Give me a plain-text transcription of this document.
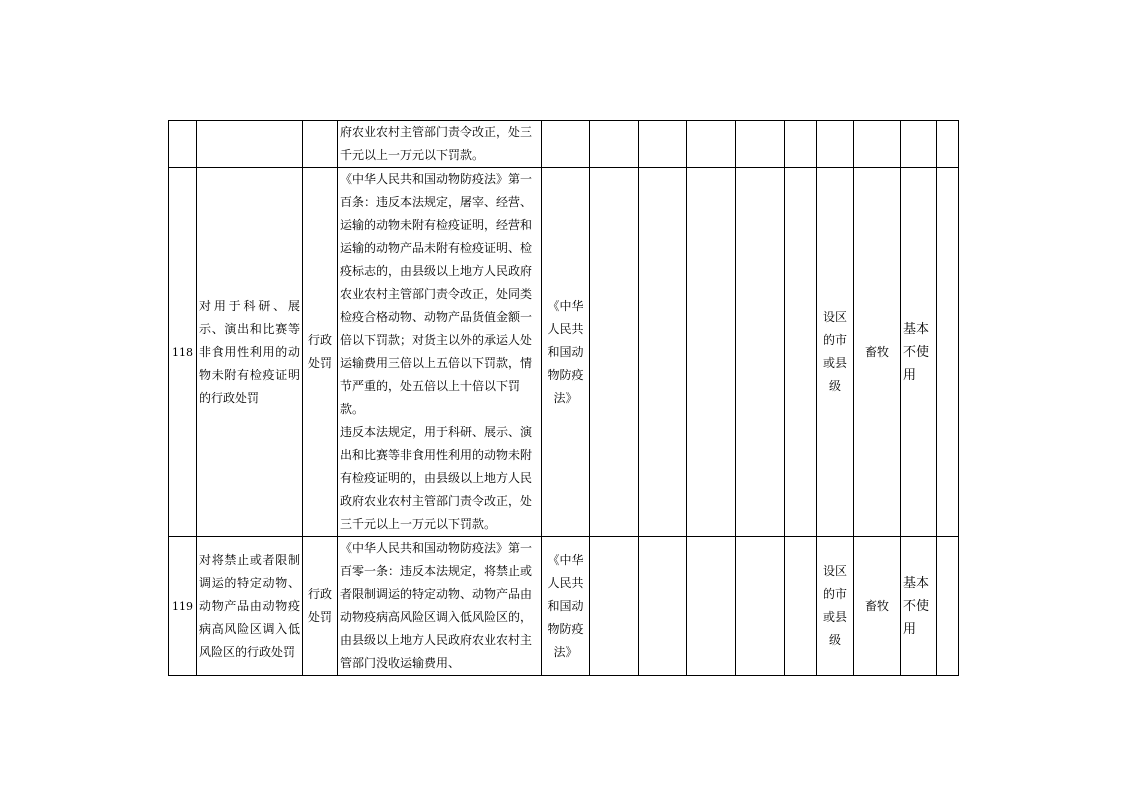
			府农业农村主管部门责令改正，处三千元以上一万元以下罚款。										

118	对用于科研、展示、演出和比赛等非食用性利用的动物未附有检疫证明的行政处罚	行政处罚	《中华人民共和国动物防疫法》第一百条：违反本法规定，屠宰、经营、运输的动物未附有检疫证明，经营和运输的动物产品未附有检疫证明、检疫标志的，由县级以上地方人民政府农业农村主管部门责令改正，处同类检疫合格动物、动物产品货值金额一倍以下罚款；对货主以外的承运人处运输费用三倍以上五倍以下罚款，情节严重的，处五倍以上十倍以下罚款。
违反本法规定，用于科研、展示、演出和比赛等非食用性利用的动物未附有检疫证明的，由县级以上地方人民政府农业农村主管部门责令改正，处三千元以上一万元以下罚款。	《中华人民共和国动物防疫法》						设区的市或县级	畜牧	基本不使用	
119	对将禁止或者限制调运的特定动物、动物产品由动物疫病高风险区调入低风险区的行政处罚	行政处罚	《中华人民共和国动物防疫法》第一百零一条：违反本法规定，将禁止或者限制调运的特定动物、动物产品由动物疫病高风险区调入低风险区的，由县级以上地方人民政府农业农村主管部门没收运输费用、	《中华人民共和国动物防疫法》						设区的市或县级	畜牧	基本不使用	
